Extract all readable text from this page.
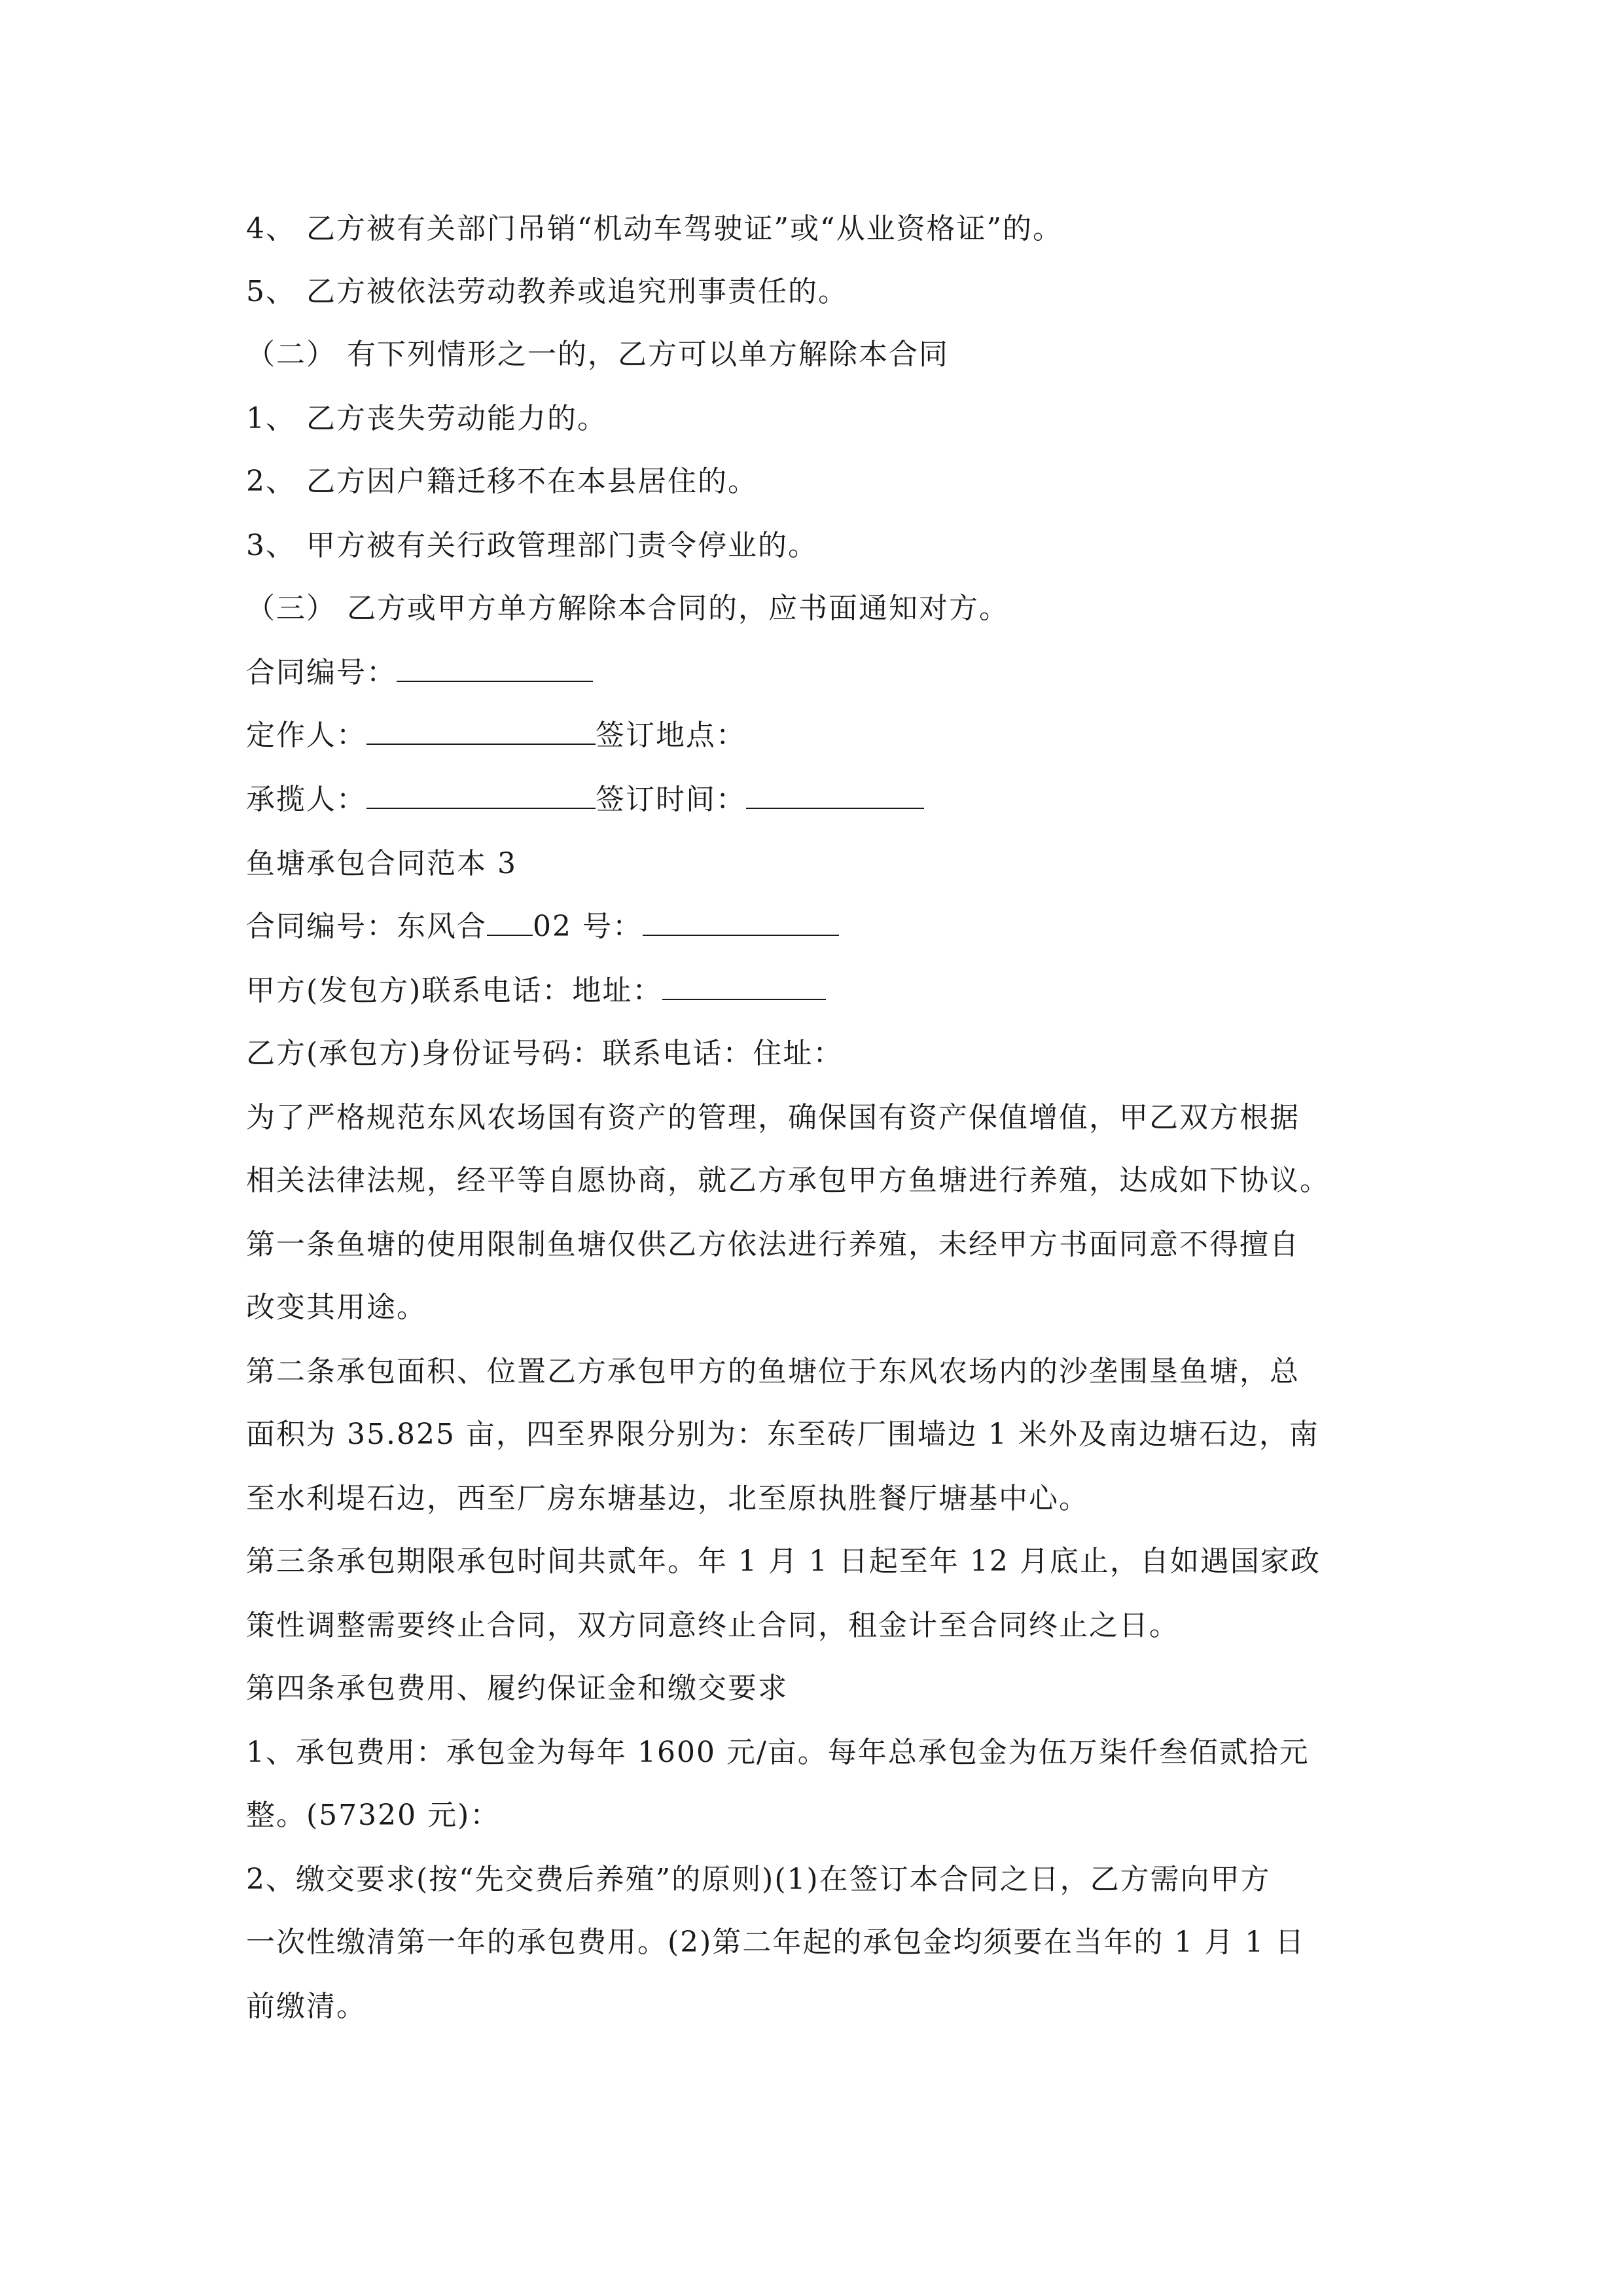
4、 乙方被有关部门吊销“机动车驾驶证”或“从业资格证”的。
5、 乙方被依法劳动教养或追究刑事责任的。
（二） 有下列情形之一的，乙方可以单方解除本合同
1、 乙方丧失劳动能力的。
2、 乙方因户籍迁移不在本县居住的。
3、 甲方被有关行政管理部门责令停业的。
（三） 乙方或甲方单方解除本合同的，应书面通知对方。
合同编号：
定作人：	签订地点：
承揽人：	签订时间：
鱼塘承包合同范本 3
合同编号：东风合 02 号：
甲方(发包方)联系电话：地址：
乙方(承包方)身份证号码：联系电话：住址：
为了严格规范东风农场国有资产的管理，确保国有资产保值增值，甲乙双方根据
相关法律法规，经平等自愿协商，就乙方承包甲方鱼塘进行养殖，达成如下协议。
第一条鱼塘的使用限制鱼塘仅供乙方依法进行养殖，未经甲方书面同意不得擅自
改变其用途。
第二条承包面积、位置乙方承包甲方的鱼塘位于东风农场内的沙垄围垦鱼塘，总
面积为 35.825 亩，四至界限分别为：东至砖厂围墙边 1 米外及南边塘石边，南
至水利堤石边，西至厂房东塘基边，北至原执胜餐厅塘基中心。
第三条承包期限承包时间共贰年。年 1 月 1 日起至年 12 月底止，自如遇国家政
策性调整需要终止合同，双方同意终止合同，租金计至合同终止之日。
第四条承包费用、履约保证金和缴交要求
1、承包费用：承包金为每年 1600 元/亩。每年总承包金为伍万柒仟叁佰贰拾元
整。(57320 元)：
2、缴交要求(按“先交费后养殖”的原则)(1)在签订本合同之日，乙方需向甲方
一次性缴清第一年的承包费用。(2)第二年起的承包金均须要在当年的 1 月 1 日
前缴清。
